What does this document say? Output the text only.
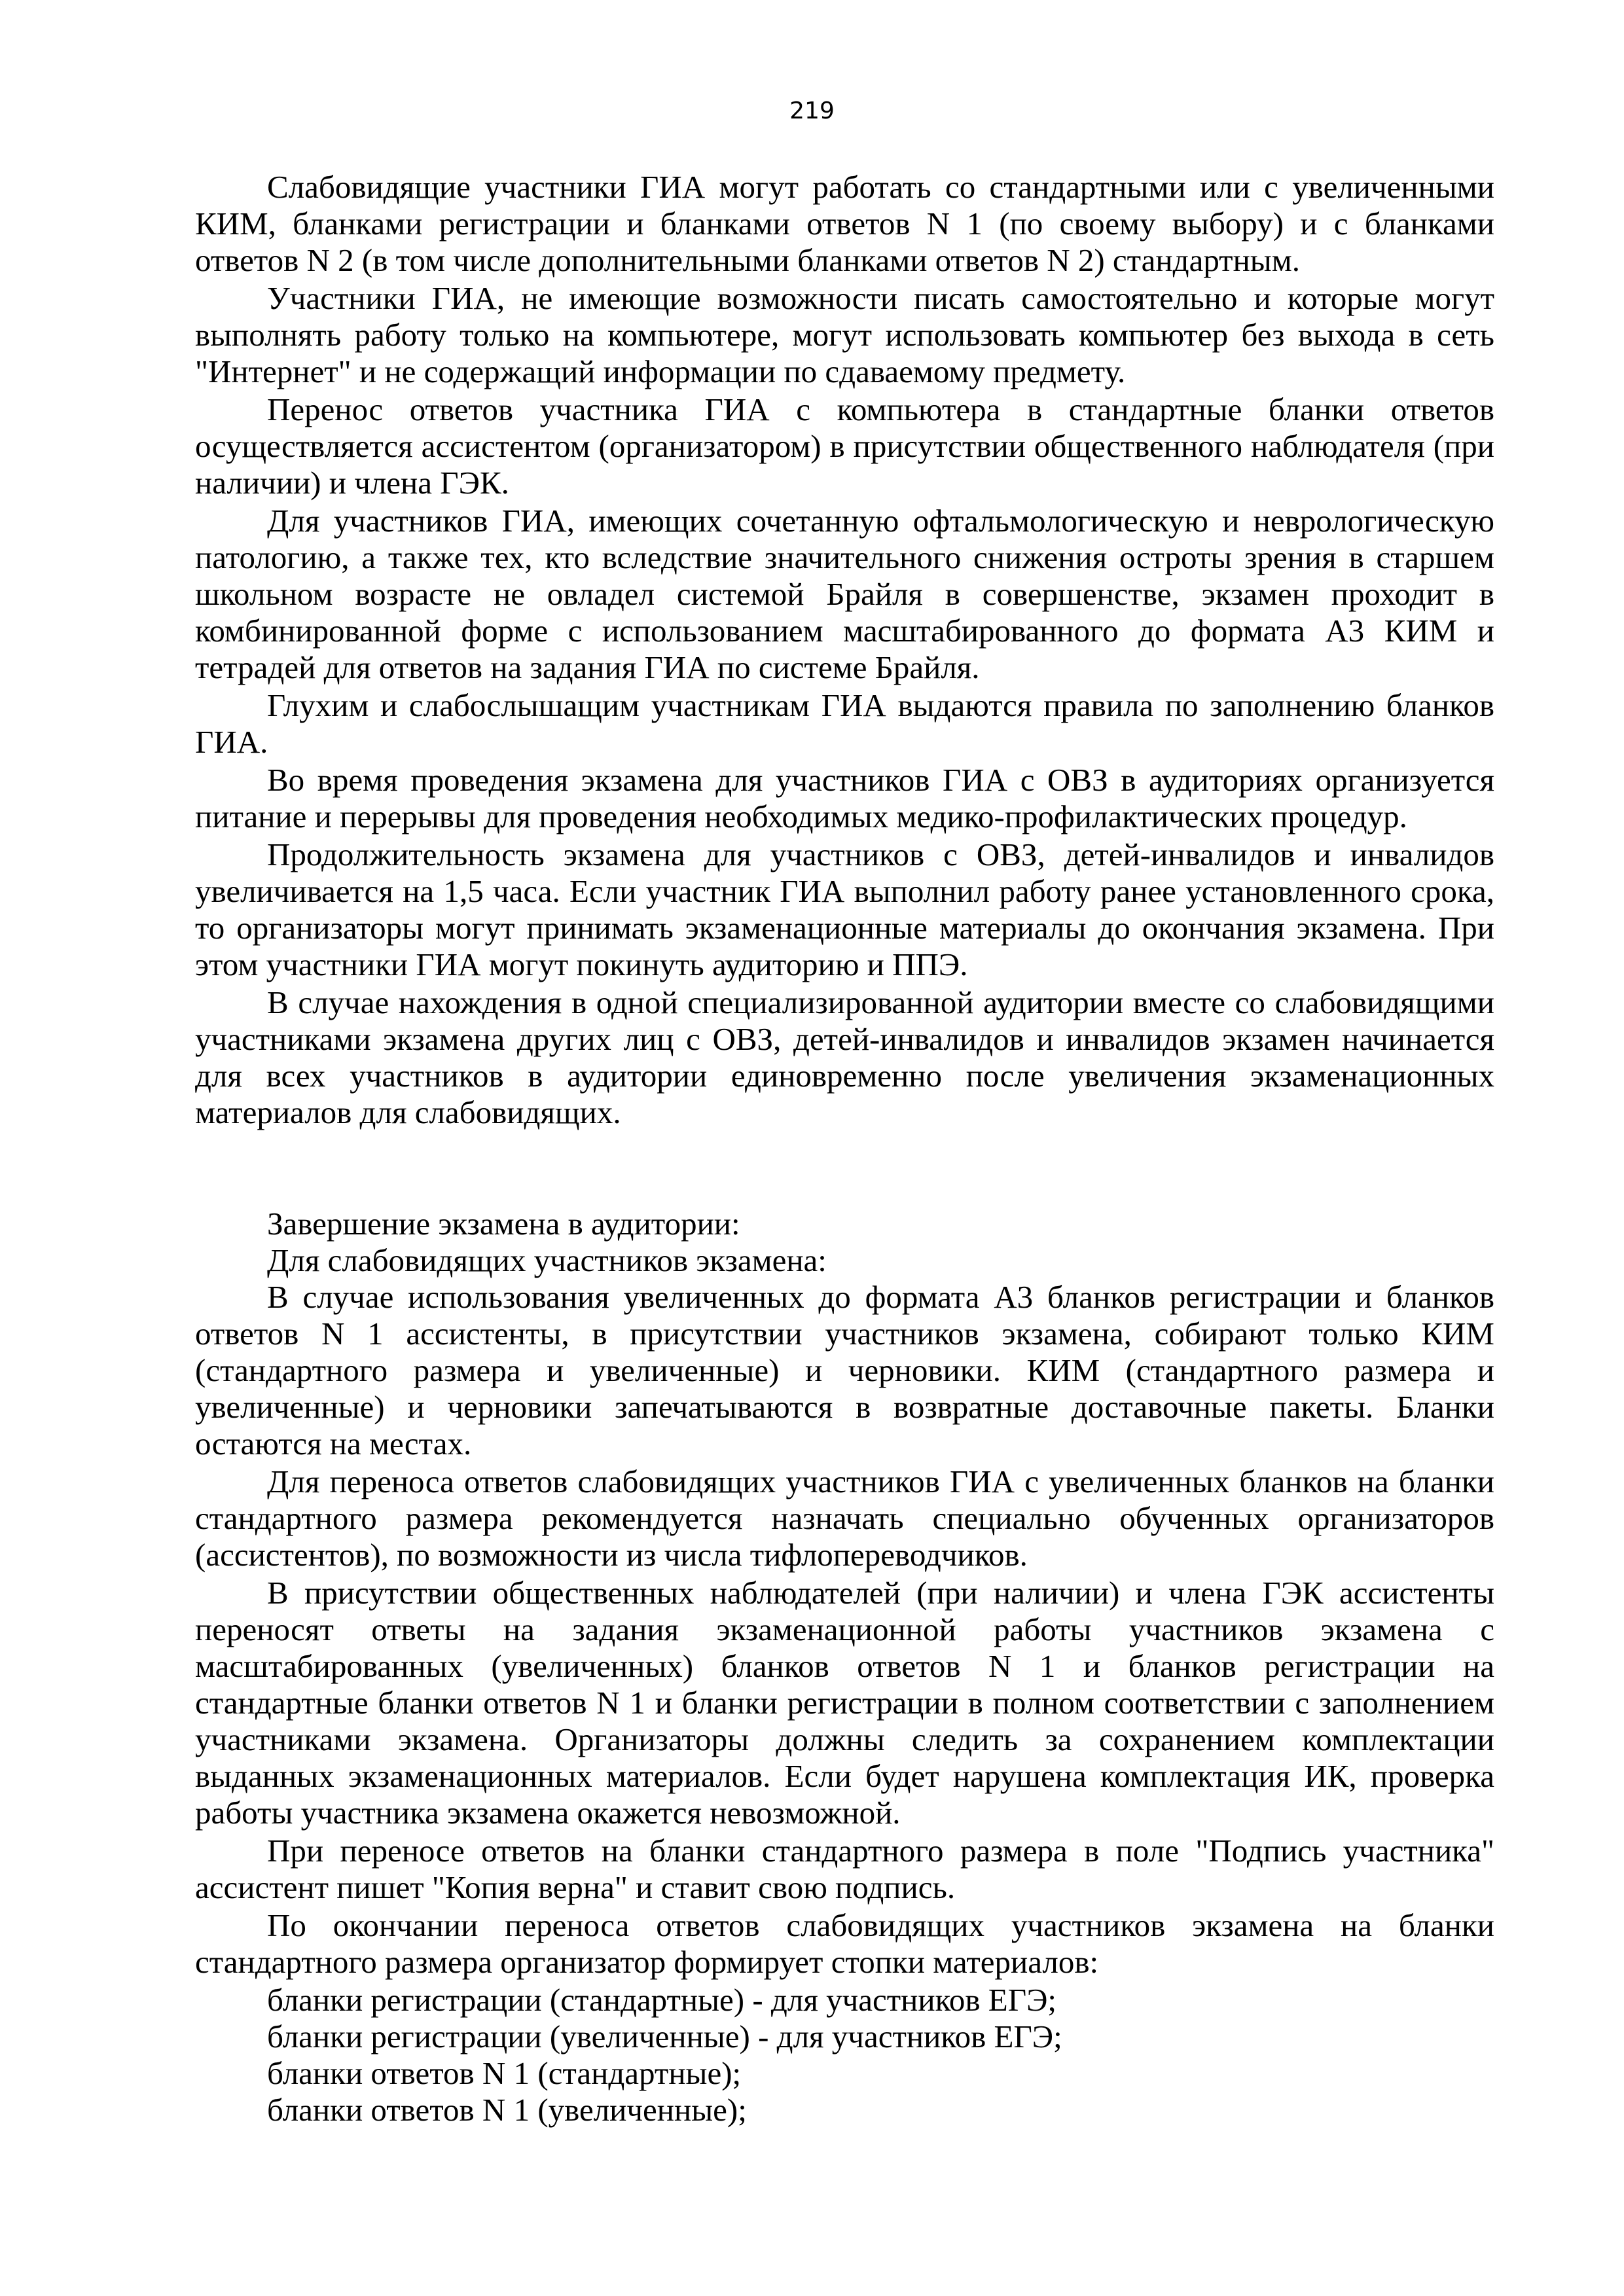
219

Слабовидящие участники ГИА могут работать со стандартными или с увеличенными КИМ, бланками регистрации и бланками ответов N 1 (по своему выбору) и с бланками ответов N 2 (в том числе дополнительными бланками ответов N 2) стандартным.

Участники ГИА, не имеющие возможности писать самостоятельно и которые могут выполнять работу только на компьютере, могут использовать компьютер без выхода в сеть "Интернет" и не содержащий информации по сдаваемому предмету.

Перенос ответов участника ГИА с компьютера в стандартные бланки ответов осуществляется ассистентом (организатором) в присутствии общественного наблюдателя (при наличии) и члена ГЭК.

Для участников ГИА, имеющих сочетанную офтальмологическую и неврологическую патологию, а также тех, кто вследствие значительного снижения остроты зрения в старшем школьном возрасте не овладел системой Брайля в совершенстве, экзамен проходит в комбинированной форме с использованием масштабированного до формата А3 КИМ и тетрадей для ответов на задания ГИА по системе Брайля.

Глухим и слабослышащим участникам ГИА выдаются правила по заполнению бланков ГИА.

Во время проведения экзамена для участников ГИА с ОВЗ в аудиториях организуется питание и перерывы для проведения необходимых медико-профилактических процедур.

Продолжительность экзамена для участников с ОВЗ, детей-инвалидов и инвалидов увеличивается на 1,5 часа. Если участник ГИА выполнил работу ранее установленного срока, то организаторы могут принимать экзаменационные материалы до окончания экзамена. При этом участники ГИА могут покинуть аудиторию и ППЭ.

В случае нахождения в одной специализированной аудитории вместе со слабовидящими участниками экзамена других лиц с ОВЗ, детей-инвалидов и инвалидов экзамен начинается для всех участников в аудитории единовременно после увеличения экзаменационных материалов для слабовидящих.

Завершение экзамена в аудитории:

Для слабовидящих участников экзамена:

В случае использования увеличенных до формата А3 бланков регистрации и бланков ответов N 1 ассистенты, в присутствии участников экзамена, собирают только КИМ (стандартного размера и увеличенные) и черновики. КИМ (стандартного размера и увеличенные) и черновики запечатываются в возвратные доставочные пакеты. Бланки остаются на местах.

Для переноса ответов слабовидящих участников ГИА с увеличенных бланков на бланки стандартного размера рекомендуется назначать специально обученных организаторов (ассистентов), по возможности из числа тифлопереводчиков.

В присутствии общественных наблюдателей (при наличии) и члена ГЭК ассистенты переносят ответы на задания экзаменационной работы участников экзамена с масштабированных (увеличенных) бланков ответов N 1 и бланков регистрации на стандартные бланки ответов N 1 и бланки регистрации в полном соответствии с заполнением участниками экзамена. Организаторы должны следить за сохранением комплектации выданных экзаменационных материалов. Если будет нарушена комплектация ИК, проверка работы участника экзамена окажется невозможной.

При переносе ответов на бланки стандартного размера в поле "Подпись участника" ассистент пишет "Копия верна" и ставит свою подпись.

По окончании переноса ответов слабовидящих участников экзамена на бланки стандартного размера организатор формирует стопки материалов:

бланки регистрации (стандартные) - для участников ЕГЭ;

бланки регистрации (увеличенные) - для участников ЕГЭ;

бланки ответов N 1 (стандартные);

бланки ответов N 1 (увеличенные);
